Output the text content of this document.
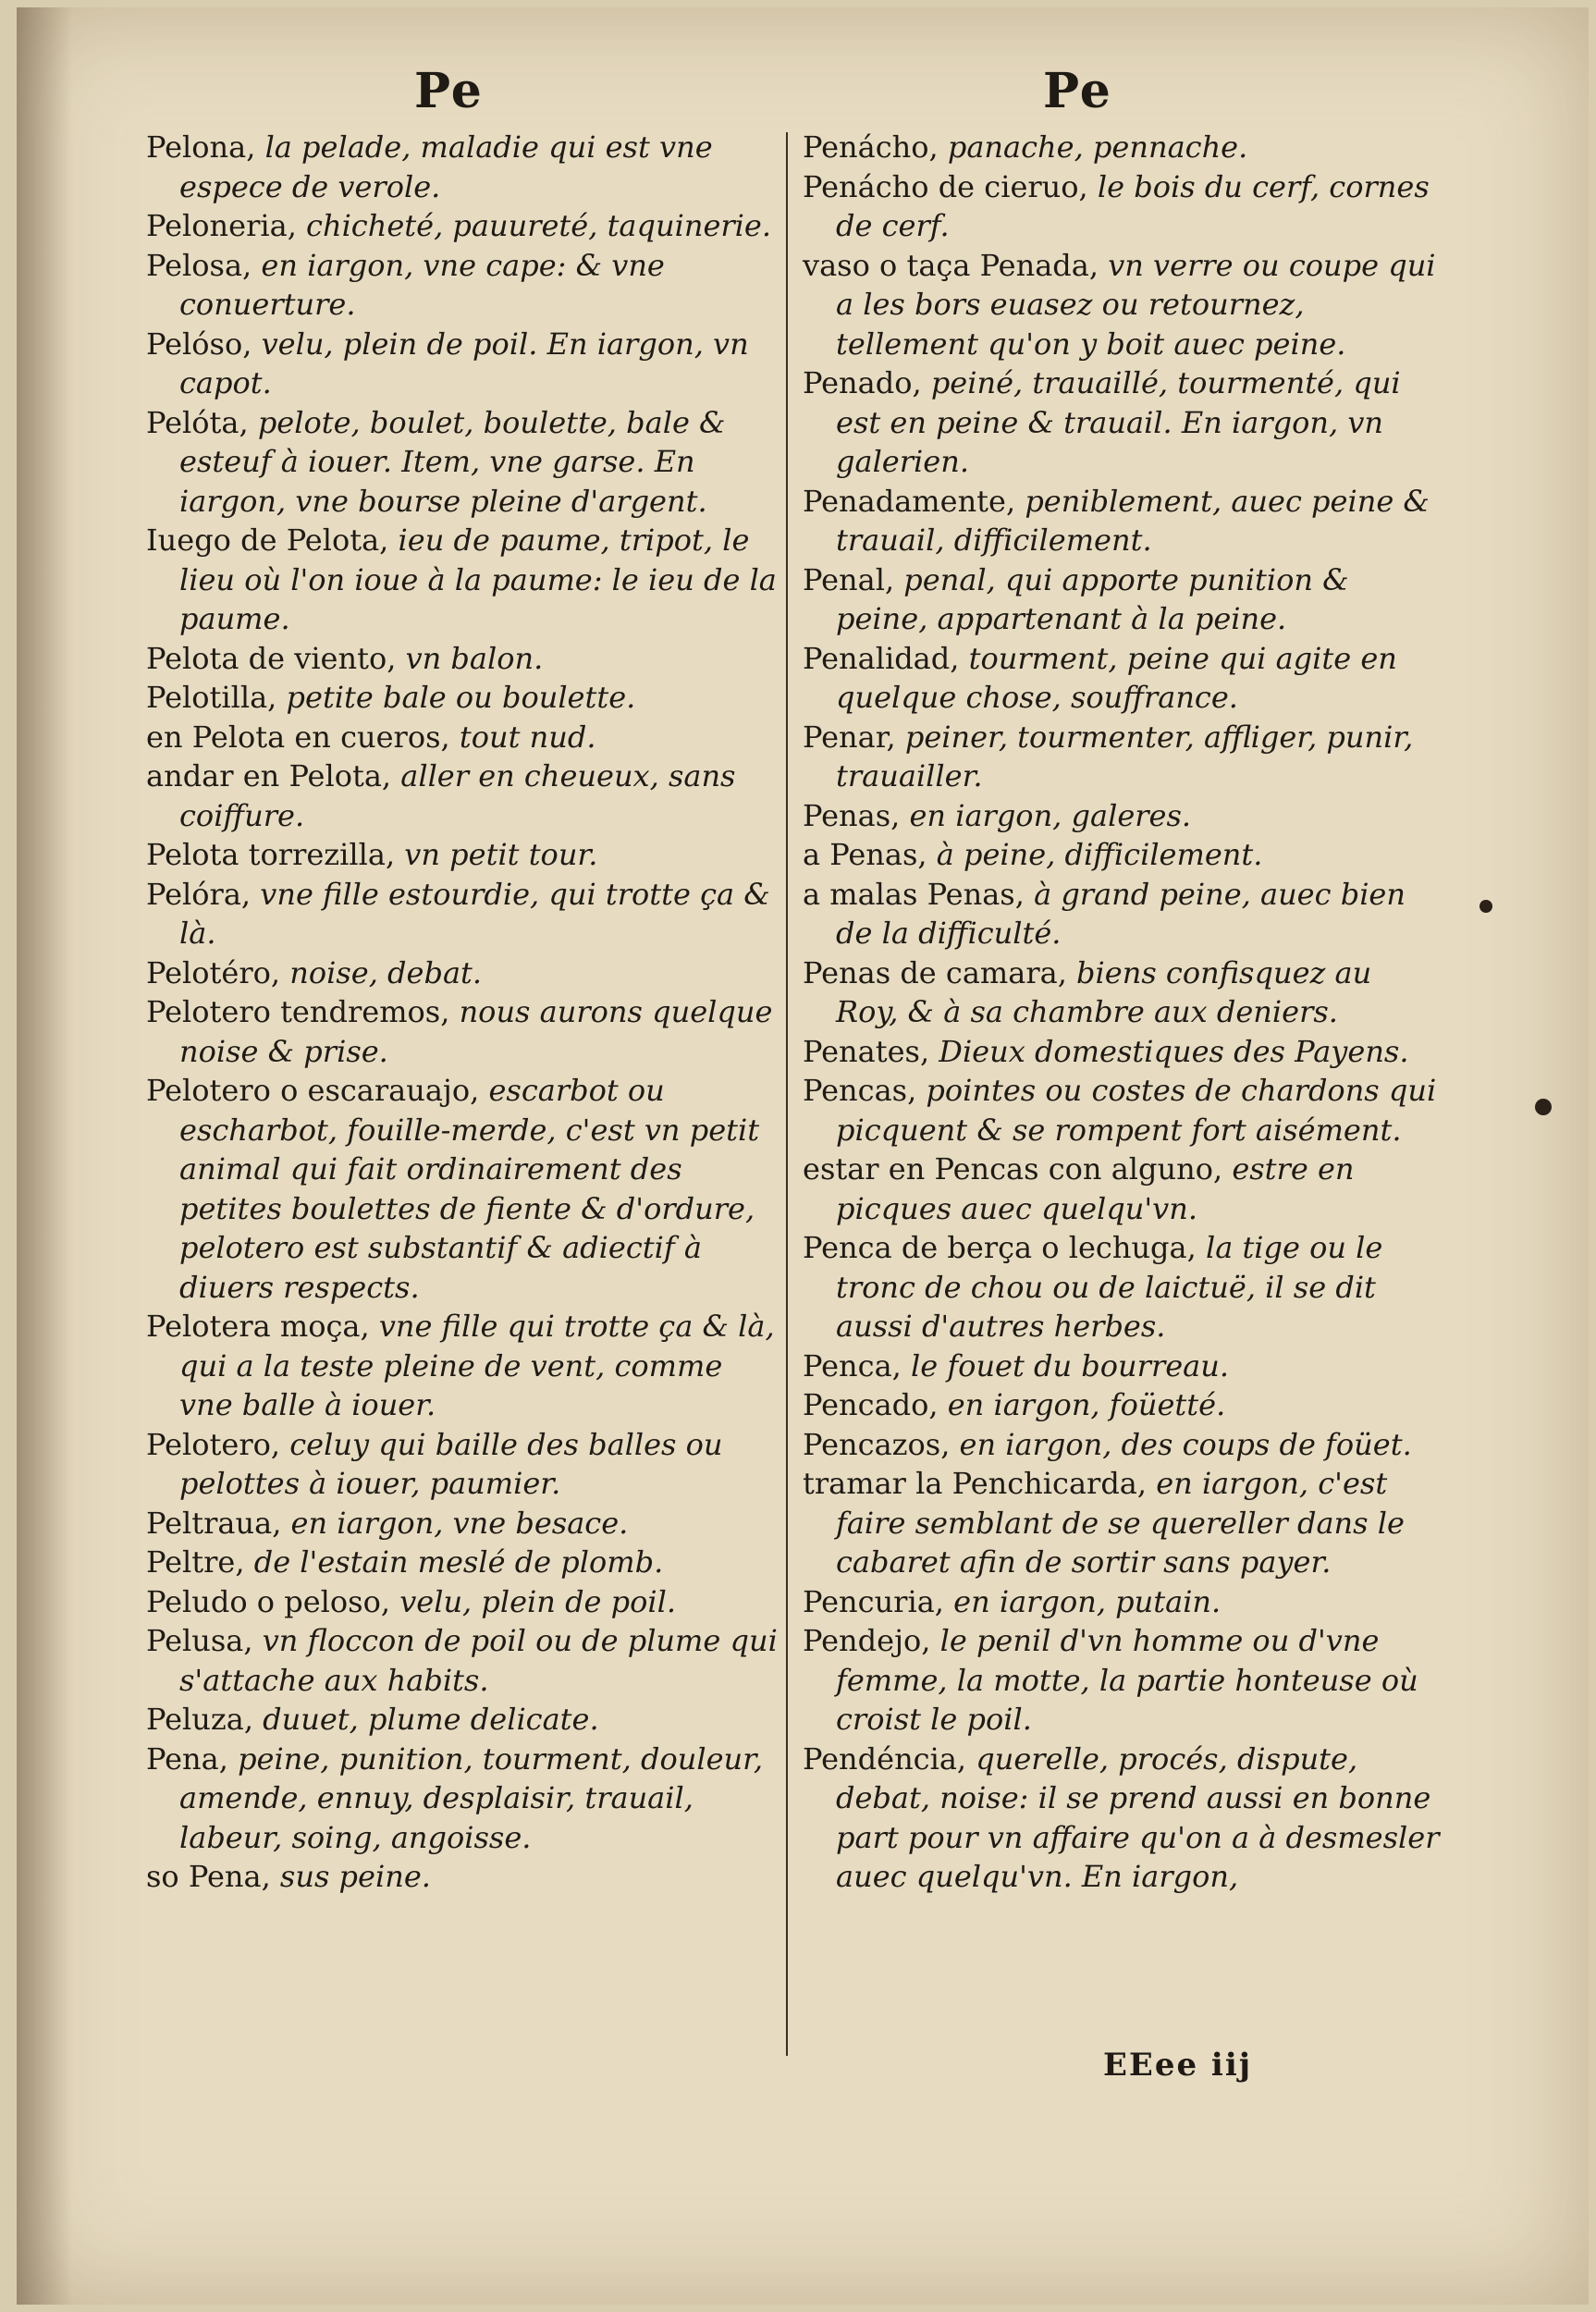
Pe	Pe
Pelona, la pelade, maladie qui est vne espece de verole.
Peloneria, chicheté, pauureté, taquinerie.
Pelosa, en iargon, vne cape: & vne conuerture.
Pelóso, velu, plein de poil. En iargon, vn capot.
Pelóta, pelote, boulet, boulette, bale & esteuf à iouer. Item, vne garse. En iargon, vne bourse pleine d'argent.
Iuego de Pelota, ieu de paume, tripot, le lieu où l'on ioue à la paume: le ieu de la paume.
Pelota de viento, vn balon.
Pelotilla, petite bale ou boulette.
en Pelota en cueros, tout nud.
andar en Pelota, aller en cheueux, sans coiffure.
Pelota torrezilla, vn petit tour.
Pelóra, vne fille estourdie, qui trotte ça & là.
Pelotéro, noise, debat.
Pelotero tendremos, nous aurons quelque noise & prise.
Pelotero o escarauajo, escarbot ou escharbot, fouille-merde, c'est vn petit animal qui fait ordinairement des petites boulettes de fiente & d'ordure, pelotero est substantif & adiectif à diuers respects.
Pelotera moça, vne fille qui trotte ça & là, qui a la teste pleine de vent, comme vne balle à iouer.
Pelotero, celuy qui baille des balles ou pelottes à iouer, paumier.
Peltraua, en iargon, vne besace.
Peltre, de l'estain meslé de plomb.
Peludo o peloso, velu, plein de poil.
Pelusa, vn floccon de poil ou de plume qui s'attache aux habits.
Peluza, duuet, plume delicate.
Pena, peine, punition, tourment, douleur, amende, ennuy, desplaisir, trauail, labeur, soing, angoisse.
so Pena, sus peine.
Penácho, panache, pennache.
Penácho de cieruo, le bois du cerf, cornes de cerf.
vaso o taça Penada, vn verre ou coupe qui a les bors euasez ou retournez, tellement qu'on y boit auec peine.
Penado, peiné, trauaillé, tourmenté, qui est en peine & trauail. En iargon, vn galerien.
Penadamente, peniblement, auec peine & trauail, difficilement.
Penal, penal, qui apporte punition & peine, appartenant à la peine.
Penalidad, tourment, peine qui agite en quelque chose, souffrance.
Penar, peiner, tourmenter, affliger, punir, trauailler.
Penas, en iargon, galeres.
a Penas, à peine, difficilement.
a malas Penas, à grand peine, auec bien de la difficulté.
Penas de camara, biens confisquez au Roy, & à sa chambre aux deniers.
Penates, Dieux domestiques des Payens.
Pencas, pointes ou costes de chardons qui picquent & se rompent fort aisément.
estar en Pencas con alguno, estre en picques auec quelqu'vn.
Penca de berça o lechuga, la tige ou le tronc de chou ou de laictuë, il se dit aussi d'autres herbes.
Penca, le fouet du bourreau.
Pencado, en iargon, foüetté.
Pencazos, en iargon, des coups de foüet.
tramar la Penchicarda, en iargon, c'est faire semblant de se quereller dans le cabaret afin de sortir sans payer.
Pencuria, en iargon, putain.
Pendejo, le penil d'vn homme ou d'vne femme, la motte, la partie honteuse où croist le poil.
Pendéncia, querelle, procés, dispute, debat, noise: il se prend aussi en bonne part pour vn affaire qu'on a à desmesler auec quelqu'vn. En iargon,
EEee iij
